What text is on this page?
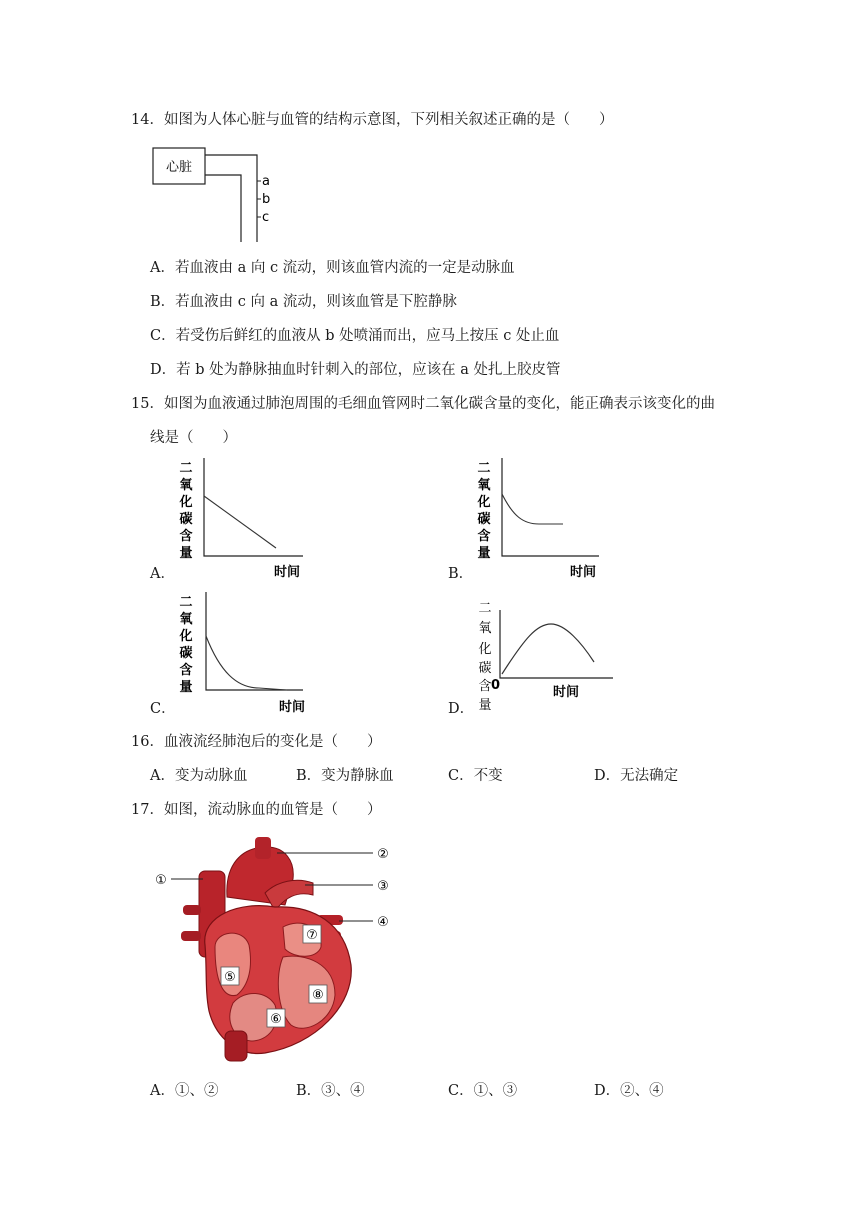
14．如图为人体心脏与血管的结构示意图，下列相关叙述正确的是（　　）
心脏
a
b
c
A．若血液由 a 向 c 流动，则该血管内流的一定是动脉血
B．若血液由 c 向 a 流动，则该血管是下腔静脉
C．若受伤后鲜红的血液从 b 处喷涌而出，应马上按压 c 处止血
D．若 b 处为静脉抽血时针刺入的部位，应该在 a 处扎上胶皮管
15．如图为血液通过肺泡周围的毛细血管网时二氧化碳含量的变化，能正确表示该变化的曲
线是（　　）
二
氧
化
碳
含
量
时间
A．
二
氧
化
碳
含
量
时间
B．
二
氧
化
碳
含
量
时间
C．
二
氧
化
碳
含
量
0	时间
D．
16．血液流经肺泡后的变化是（　　）
A．变为动脉血	B．变为静脉血	C．不变	D．无法确定
17．如图，流动脉血的血管是（　　）
①
②
③
④
⑤
⑥
⑦
⑧
A．①、②	B．③、④	C．①、③	D．②、④
